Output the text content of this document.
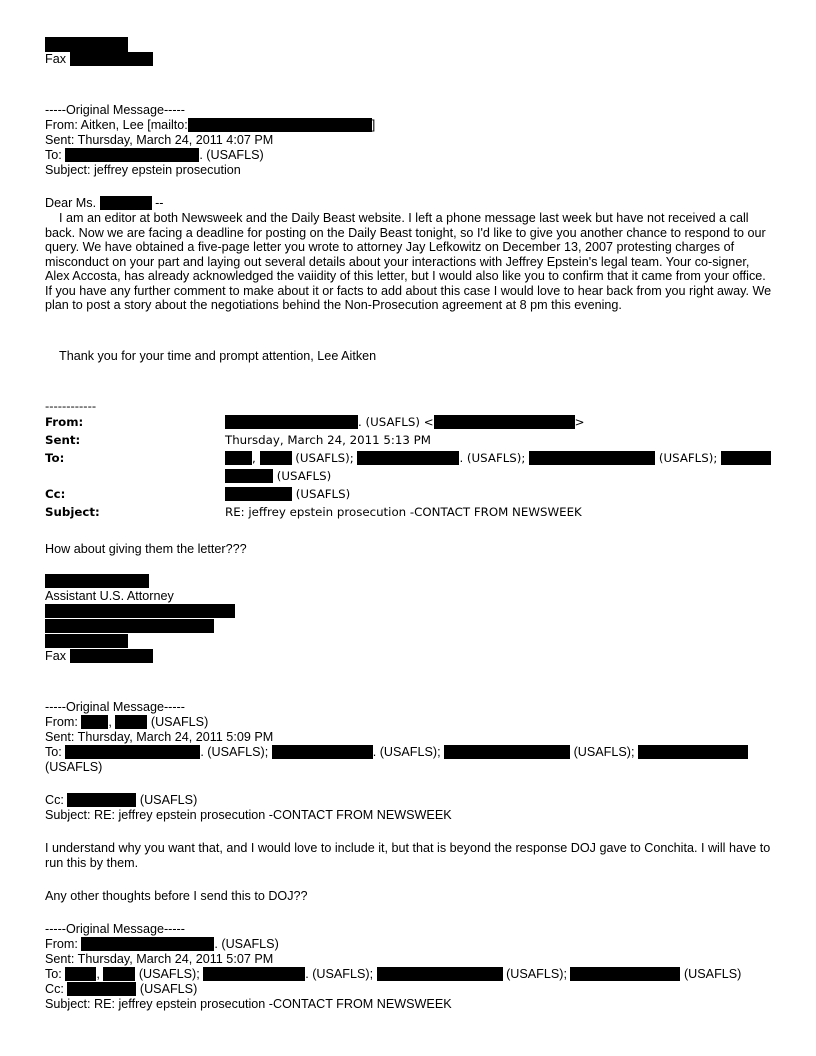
Fax
-----Original Message-----
From: Aitken, Lee [mailto:	]
Sent: Thursday, March 24, 2011 4:07 PM
To:	. (USAFLS)
Subject: jeffrey epstein prosecution
Dear Ms.	--
I am an editor at both Newsweek and the Daily Beast website. I left a phone message last week but have not received a call back. Now we are facing a deadline for posting on the Daily Beast tonight, so I'd like to give you another chance to respond to our query. We have obtained a five-page letter you wrote to attorney Jay Lefkowitz on December 13, 2007 protesting charges of misconduct on your part and laying out several details about your interactions with Jeffrey Epstein's legal team. Your co-signer, Alex Accosta, has already acknowledged the vaiidity of this letter, but I would also like you to confirm that it came from your office. If you have any further comment to make about it or facts to add about this case I would love to hear back from you right away. We plan to post a story about the negotiations behind the Non-Prosecution agreement at 8 pm this evening.
Thank you for your time and prompt attention, Lee Aitken
------------
From:	. (USAFLS) <	>
Sent:	Thursday, March 24, 2011 5:13 PM
To:	,	(USAFLS);	. (USAFLS);	(USAFLS);
(USAFLS)
Cc:	(USAFLS)
Subject:	RE: jeffrey epstein prosecution -CONTACT FROM NEWSWEEK
How about giving them the letter???
Assistant U.S. Attorney
Fax
-----Original Message-----
From: ,	(USAFLS)
Sent: Thursday, March 24, 2011 5:09 PM
To:	. (USAFLS);	. (USAFLS);	(USAFLS);
(USAFLS)
Cc:	(USAFLS)
Subject: RE: jeffrey epstein prosecution -CONTACT FROM NEWSWEEK
I understand why you want that, and I would love to include it, but that is beyond the response DOJ gave to Conchita. I will have to run this by them.
Any other thoughts before I send this to DOJ??
-----Original Message-----
From:	. (USAFLS)
Sent: Thursday, March 24, 2011 5:07 PM
To:	,	(USAFLS);	. (USAFLS);	(USAFLS);	(USAFLS)
Cc:	(USAFLS)
Subject: RE: jeffrey epstein prosecution -CONTACT FROM NEWSWEEK
